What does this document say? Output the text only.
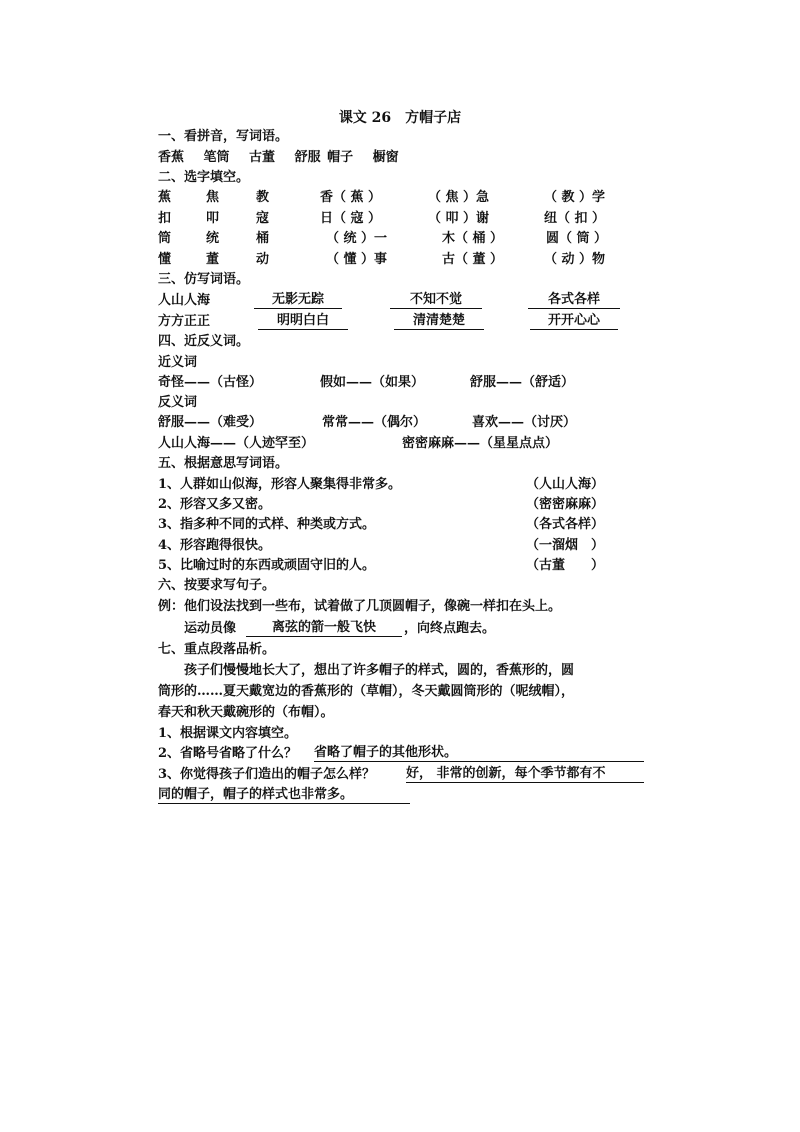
课文 26　方帽子店
一、看拼音，写词语。
香蕉　 笔筒　 古董　 舒服 帽子　 橱窗
二、选字填空。
蕉	焦	教	香（ 蕉 ）	（ 焦 ）急	（ 教 ）学
扣	叩	寇	日（ 寇 ）	（ 叩 ）谢	纽（ 扣 ）
筒	统	桶	（ 统 ）一	木（ 桶 ）	圆（ 筒 ）
懂	董	动	（ 懂 ）事	古（ 董 ）	（ 动 ）物
三、仿写词语。
人山人海	无影无踪	不知不觉	各式各样
方方正正	明明白白	清清楚楚	开开心心
四、近反义词。
近义词
奇怪——（古怪）	假如——（如果）	舒服——（舒适）
反义词
舒服——（难受）	常常——（偶尔）	喜欢——（讨厌）
人山人海——（人迹罕至）	密密麻麻——（星星点点）
五、根据意思写词语。
1、人群如山似海，形容人聚集得非常多。	（人山人海）
2、形容又多又密。	（密密麻麻）
3、指多种不同的式样、种类或方式。	（各式各样）
4、形容跑得很快。	（一溜烟　）
5、比喻过时的东西或顽固守旧的人。	（古董　　）
六、按要求写句子。
例：他们设法找到一些布，试着做了几顶圆帽子，像碗一样扣在头上。
运动员像	离弦的箭一般飞快	，向终点跑去。
七、重点段落品析。
孩子们慢慢地长大了，想出了许多帽子的样式，圆的，香蕉形的，圆
筒形的……夏天戴宽边的香蕉形的（草帽），冬天戴圆筒形的（呢绒帽），
春天和秋天戴碗形的（布帽）。
1、根据课文内容填空。
2、省略号省略了什么？ 省略了帽子的其他形状。
3、你觉得孩子们造出的帽子怎么样？ 好， 非常的创新，每个季节都有不
同的帽子，帽子的样式也非常多。
